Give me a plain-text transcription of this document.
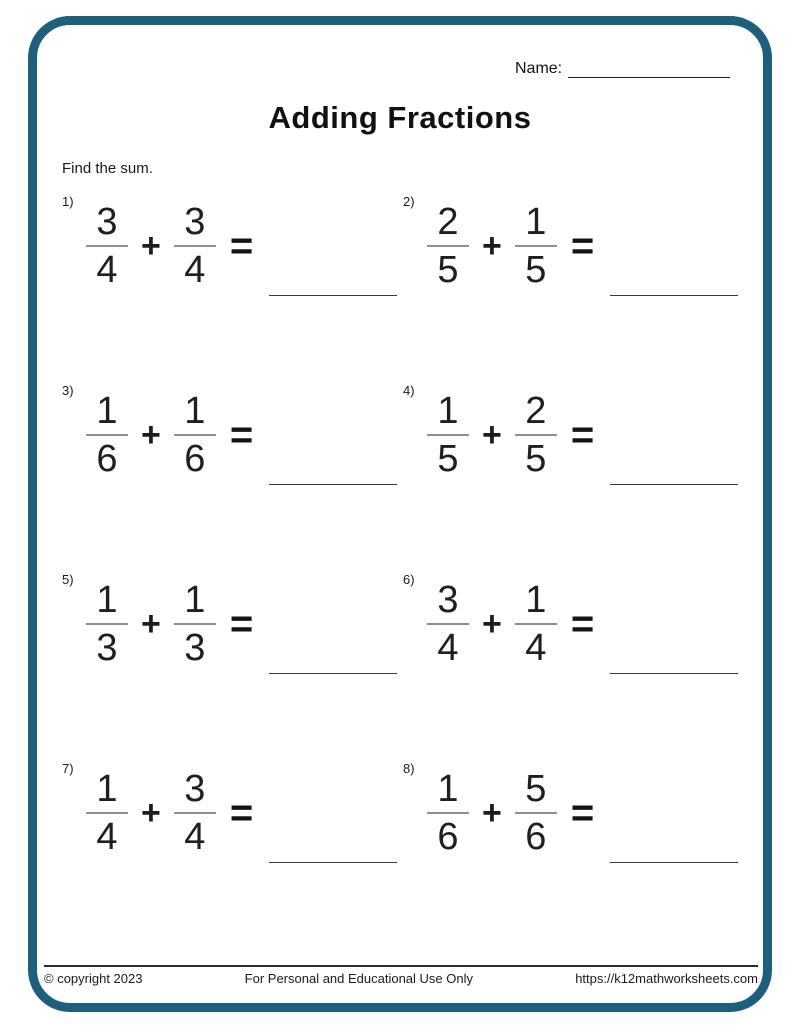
Name:
Adding Fractions
Find the sum.
1)
$\frac{3}{4} + \frac{3}{4}$ =
2)
$\frac{2}{5} + \frac{1}{5}$ =
3)
$\frac{1}{6} + \frac{1}{6}$ =
4)
$\frac{1}{5} + \frac{2}{5}$ =
5)
$\frac{1}{3} + \frac{1}{3}$ =
6)
$\frac{3}{4} + \frac{1}{4}$ =
7)
$\frac{1}{4} + \frac{3}{4}$ =
8)
$\frac{1}{6} + \frac{5}{6}$ =
© copyright 2023	For Personal and Educational Use Only	https://k12mathworksheets.com
